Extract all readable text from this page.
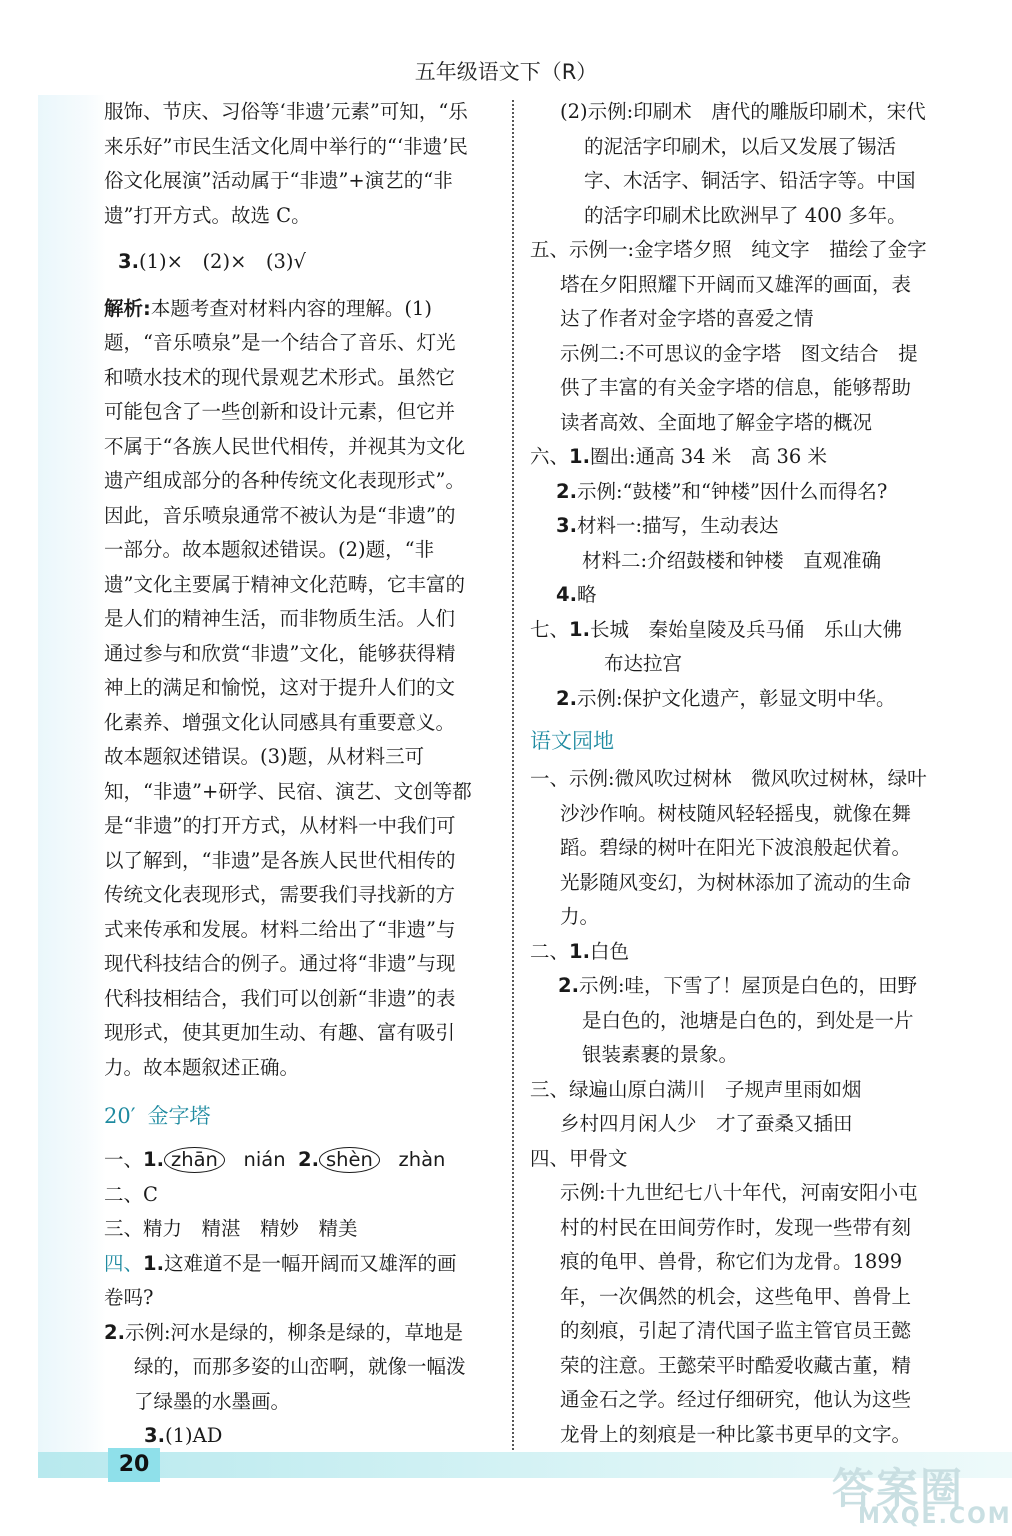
五年级语文下（R）

服饰、节庆、习俗等‘非遗’元素”可知，“乐来乐好”市民生活文化周中举行的“‘非遗’民俗文化展演”活动属于“非遗”+演艺的“非遗”打开方式。故选 C。

3.(1)×　(2)×　(3)√

解析:本题考查对材料内容的理解。(1)题，“音乐喷泉”是一个结合了音乐、灯光和喷水技术的现代景观艺术形式。虽然它可能包含了一些创新和设计元素，但它并不属于“各族人民世代相传，并视其为文化遗产组成部分的各种传统文化表现形式”。因此，音乐喷泉通常不被认为是“非遗”的一部分。故本题叙述错误。(2)题，“非遗”文化主要属于精神文化范畴，它丰富的是人们的精神生活，而非物质生活。人们通过参与和欣赏“非遗”文化，能够获得精神上的满足和愉悦，这对于提升人们的文化素养、增强文化认同感具有重要意义。故本题叙述错误。(3)题，从材料三可知，“非遗”+研学、民宿、演艺、文创等都是“非遗”的打开方式，从材料一中我们可以了解到，“非遗”是各族人民世代相传的传统文化表现形式，需要我们寻找新的方式来传承和发展。材料二给出了“非遗”与现代科技结合的例子。通过将“非遗”与现代科技相结合，我们可以创新“非遗”的表现形式，使其更加生动、有趣、富有吸引力。故本题叙述正确。

20′ 金字塔

一、1. zhān nián 2. shèn zhàn

二、C

三、精力　精湛　精妙　精美

四、1.这难道不是一幅开阔而又雄浑的画卷吗?

2.示例:河水是绿的，柳条是绿的，草地是绿的，而那多姿的山峦啊，就像一幅泼了绿墨的水墨画。

3.(1)AD

(2)示例:印刷术　唐代的雕版印刷术，宋代的泥活字印刷术，以后又发展了锡活字、木活字、铜活字、铅活字等。中国的活字印刷术比欧洲早了 400 多年。

五、示例一:金字塔夕照　纯文字　描绘了金字塔在夕阳照耀下开阔而又雄浑的画面，表达了作者对金字塔的喜爱之情

示例二:不可思议的金字塔　图文结合　提供了丰富的有关金字塔的信息，能够帮助读者高效、全面地了解金字塔的概况

六、1.圈出:通高 34 米　高 36 米

2.示例:“鼓楼”和“钟楼”因什么而得名?

3.材料一:描写，生动表达

材料二:介绍鼓楼和钟楼　直观准确

4.略

七、1.长城　秦始皇陵及兵马俑　乐山大佛　布达拉宫

2.示例:保护文化遗产，彰显文明中华。

语文园地

一、示例:微风吹过树林　微风吹过树林，绿叶沙沙作响。树枝随风轻轻摇曳，就像在舞蹈。碧绿的树叶在阳光下波浪般起伏着。光影随风变幻，为树林添加了流动的生命力。

二、1.白色

2.示例:哇，下雪了！屋顶是白色的，田野是白色的，池塘是白色的，到处是一片银装素裹的景象。

三、绿遍山原白满川　子规声里雨如烟

乡村四月闲人少　才了蚕桑又插田

四、甲骨文

示例:十九世纪七八十年代，河南安阳小屯村的村民在田间劳作时，发现一些带有刻痕的龟甲、兽骨，称它们为龙骨。1899 年，一次偶然的机会，这些龟甲、兽骨上的刻痕，引起了清代国子监主管官员王懿荣的注意。王懿荣平时酷爱收藏古董，精通金石之学。经过仔细研究，他认为这些龙骨上的刻痕是一种比篆书更早的文字。

20	答案圈
MXQE.COM
